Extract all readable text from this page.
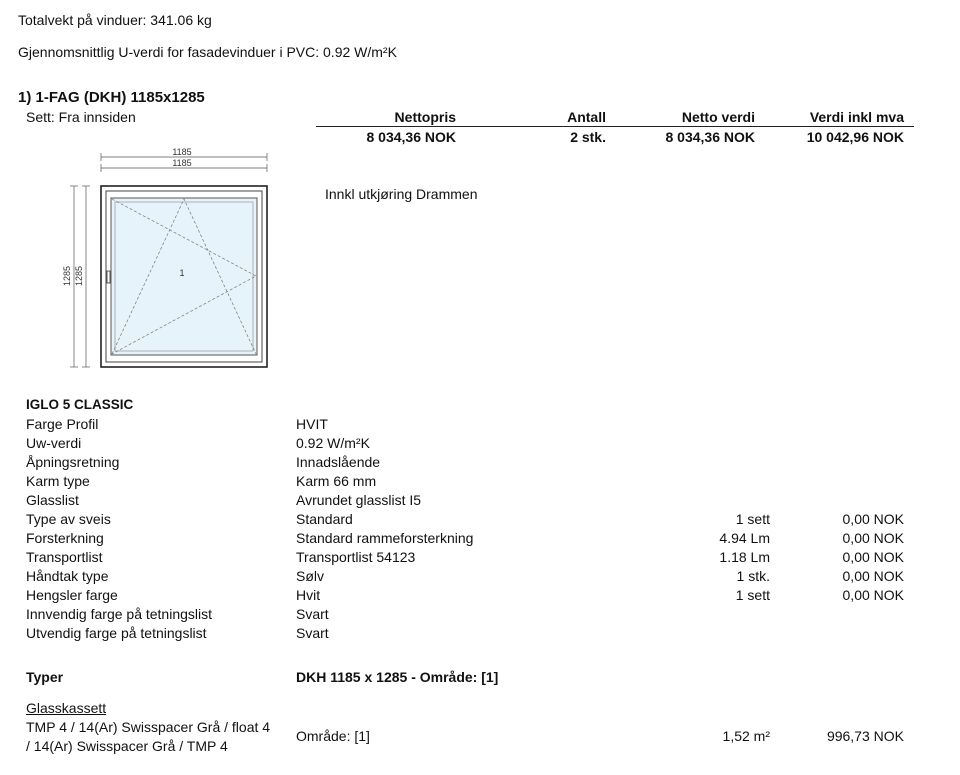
Totalvekt på vinduer: 341.06 kg
Gjennomsnittlig U-verdi for fasadevinduer i PVC: 0.92 W/m²K
1) 1-FAG (DKH) 1185x1285
Sett: Fra innsiden	Nettopris	Antall	Netto verdi	Verdi inkl mva
8 034,36 NOK	2 stk.	8 034,36 NOK	10 042,96 NOK
Innkl utkjøring Drammen
1185
1185
1285 1285	1
IGLO 5 CLASSIC
Farge Profil	HVIT
Uw-verdi	0.92 W/m²K
Åpningsretning	Innadslående
Karm type	Karm 66 mm
Glasslist	Avrundet glasslist I5
Type av sveis	Standard	1 sett	0,00 NOK
Forsterkning	Standard rammeforsterkning	4.94 Lm	0,00 NOK
Transportlist	Transportlist 54123	1.18 Lm	0,00 NOK
Håndtak type	Sølv	1 stk.	0,00 NOK
Hengsler farge	Hvit	1 sett	0,00 NOK
Innvendig farge på tetningslist	Svart
Utvendig farge på tetningslist	Svart
Typer	DKH 1185 x 1285 - Område: [1]
Glasskassett
TMP 4 / 14(Ar) Swisspacer Grå / float 4
/ 14(Ar) Swisspacer Grå / TMP 4
Område: [1]	1,52 m²	996,73 NOK
